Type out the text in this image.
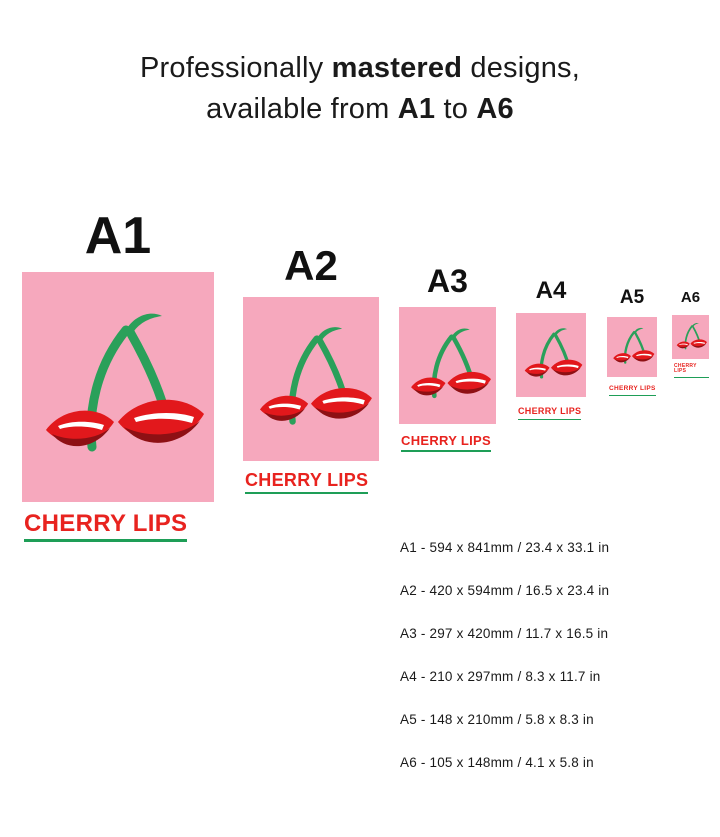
Professionally mastered designs,
available from A1 to A6
A1
CHERRY LIPS
A2
CHERRY LIPS
A3
CHERRY LIPS
A4
CHERRY LIPS
A5
CHERRY LIPS
A6
CHERRY LIPS
A1 - 594 x 841mm / 23.4 x 33.1 in
A2 - 420 x 594mm / 16.5 x 23.4 in
A3 - 297 x 420mm / 11.7 x 16.5 in
A4 - 210 x 297mm / 8.3 x 11.7 in
A5 - 148 x 210mm / 5.8 x 8.3 in
A6 - 105 x 148mm / 4.1 x 5.8 in
